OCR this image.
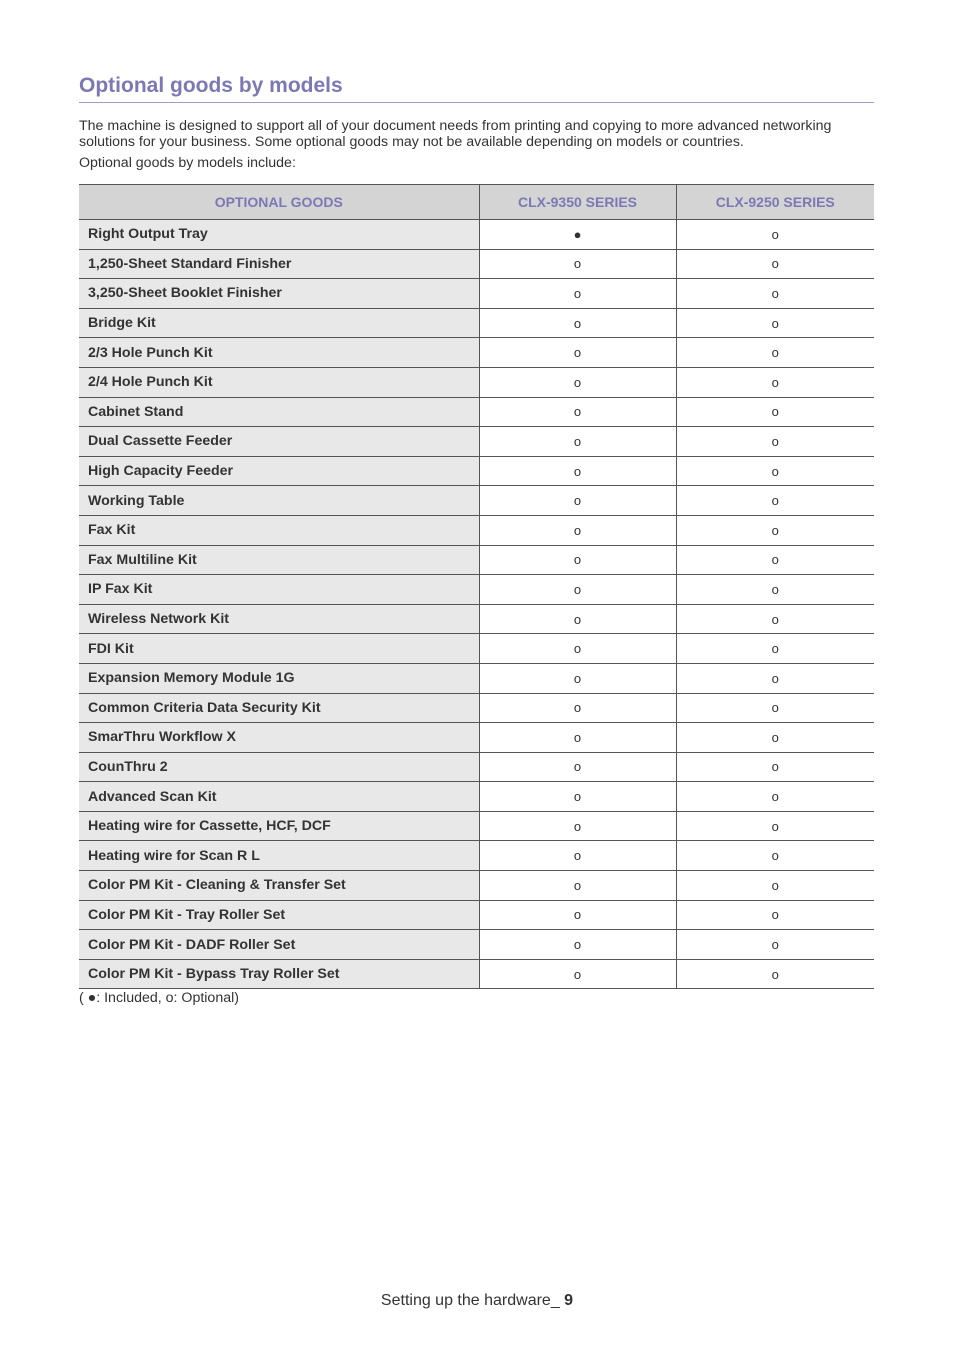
Optional goods by models

The machine is designed to support all of your document needs from printing and copying to more advanced networking solutions for your business. Some optional goods may not be available depending on models or countries.

Optional goods by models include:

OPTIONAL GOODS	CLX-9350 SERIES	CLX-9250 SERIES
Right Output Tray	●	o
1,250-Sheet Standard Finisher	o	o
3,250-Sheet Booklet Finisher	o	o
Bridge Kit	o	o
2/3 Hole Punch Kit	o	o
2/4 Hole Punch Kit	o	o
Cabinet Stand	o	o
Dual Cassette Feeder	o	o
High Capacity Feeder	o	o
Working Table	o	o
Fax Kit	o	o
Fax Multiline Kit	o	o
IP Fax Kit	o	o
Wireless Network Kit	o	o
FDI Kit	o	o
Expansion Memory Module 1G	o	o
Common Criteria Data Security Kit	o	o
SmarThru Workflow X	o	o
CounThru 2	o	o
Advanced Scan Kit	o	o
Heating wire for Cassette, HCF, DCF	o	o
Heating wire for Scan R L	o	o
Color PM Kit - Cleaning & Transfer Set	o	o
Color PM Kit - Tray Roller Set	o	o
Color PM Kit - DADF Roller Set	o	o
Color PM Kit - Bypass Tray Roller Set	o	o

( ●: Included, o: Optional)

Setting up the hardware_ 9
